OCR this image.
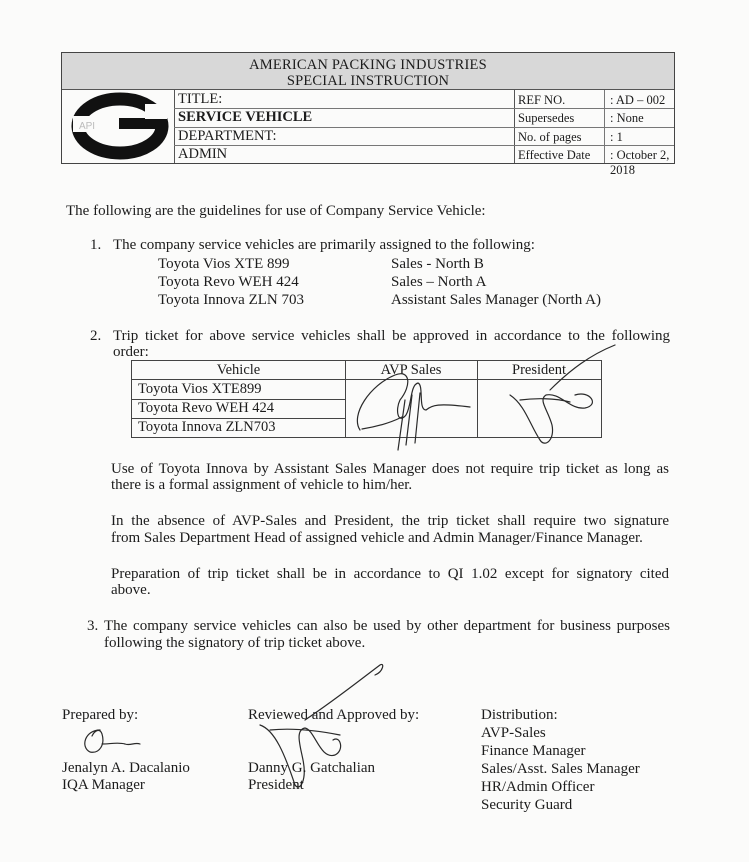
AMERICAN PACKING INDUSTRIES
SPECIAL INSTRUCTION
API
TITLE:
SERVICE VEHICLE
DEPARTMENT:
ADMIN
REF NO.	: AD – 002
Supersedes	: None
No. of pages : 1
Effective Date : October 2, 2018
The following are the guidelines for use of Company Service Vehicle:
1. The company service vehicles are primarily assigned to the following:
Toyota Vios XTE 899	Sales - North B
Toyota Revo WEH 424	Sales – North A
Toyota Innova ZLN 703	Assistant Sales Manager (North A)
2. Trip ticket for above service vehicles shall be approved in accordance to the following
order:
Vehicle	AVP Sales	President
Toyota Vios XTE899
Toyota Revo WEH 424
Toyota Innova ZLN703
Use of Toyota Innova by Assistant Sales Manager does not require trip ticket as long as
there is a formal assignment of vehicle to him/her.
In the absence of AVP-Sales and President, the trip ticket shall require two signature
from Sales Department Head of assigned vehicle and Admin Manager/Finance Manager.
Preparation of trip ticket shall be in accordance to QI 1.02 except for signatory cited
above.
3. The company service vehicles can also be used by other department for business purposes
following the signatory of trip ticket above.
Prepared by:
Jenalyn A. Dacalanio
IQA Manager
Reviewed and Approved by:
Danny G. Gatchalian
President
Distribution:
AVP-Sales
Finance Manager
Sales/Asst. Sales Manager
HR/Admin Officer
Security Guard
